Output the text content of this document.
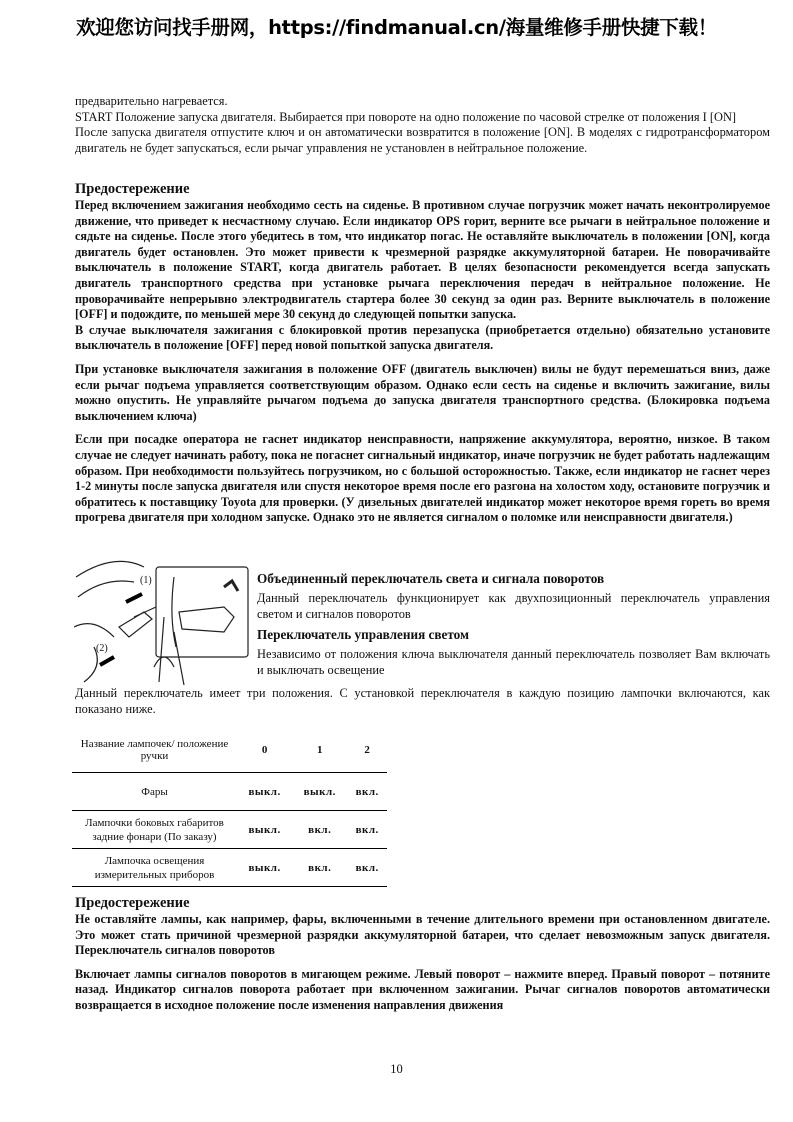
欢迎您访问找手册网，https://findmanual.cn/海量维修手册快捷下载！

предварительно нагревается.

START Положение запуска двигателя. Выбирается при повороте на одно положение по часовой стрелке от положения I [ON]

После запуска двигателя отпустите ключ и он автоматически возвратится в положение [ON]. В моделях с гидротрансформатором двигатель не будет запускаться, если рычаг управления не установлен в нейтральное положение.

Предостережение

Перед включением зажигания необходимо сесть на сиденье. В противном случае погрузчик может начать неконтролируемое движение, что приведет к несчастному случаю. Если индикатор OPS горит, верните все рычаги в нейтральное положение и сядьте на сиденье. После этого убедитесь в том, что индикатор погас. Не оставляйте выключатель в положении [ON], когда двигатель будет остановлен. Это может привести к чрезмерной разрядке аккумуляторной батареи. Не поворачивайте выключатель в положение START, когда двигатель работает. В целях безопасности рекомендуется всегда запускать двигатель транспортного средства при установке рычага переключения передач в нейтральное положение. Не проворачивайте непрерывно электродвигатель стартера более 30 секунд за один раз. Верните выключатель в положение [OFF] и подождите, по меньшей мере 30 секунд до следующей попытки запуска.

В случае выключателя зажигания с блокировкой против перезапуска (приобретается отдельно) обязательно установите выключатель в положение [OFF] перед новой попыткой запуска двигателя.

При установке выключателя зажигания в положение OFF (двигатель выключен) вилы не будут перемешаться вниз, даже если рычаг подъема управляется соответствующим образом. Однако если сесть на сиденье и включить зажигание, вилы можно опустить. Не управляйте рычагом подъема до запуска двигателя транспортного средства. (Блокировка подъема выключением ключа)

Если при посадке оператора не гаснет индикатор неисправности, напряжение аккумулятора, вероятно, низкое. В таком случае не следует начинать работу, пока не погаснет сигнальный индикатор, иначе погрузчик не будет работать надлежащим образом. При необходимости пользуйтесь погрузчиком, но с большой осторожностью. Также, если индикатор не гаснет через 1-2 минуты после запуска двигателя или спустя некоторое время после его разгона на холостом ходу, остановите погрузчик и обратитесь к поставщику Toyota для проверки. (У дизельных двигателей индикатор может некоторое время гореть во время прогрева двигателя при холодном запуске. Однако это не является сигналом о поломке или неисправности двигателя.)

(1)
(2)
Объединенный переключатель света и сигнала поворотов

Данный переключатель функционирует как двухпозиционный переключатель управления светом и сигналов поворотов

Переключатель управления светом

Независимо от положения ключа выключателя данный переключатель позволяет Вам включать и выключать освещение

Данный переключатель имеет три положения. С установкой переключателя в каждую позицию лампочки включаются, как показано ниже.
Название лампочек/ положение ручки	0	1	2
Фары	выкл.	выкл.	вкл.
Лампочки боковых габаритов задние фонари (По заказу)	выкл.	вкл.	вкл.
Лампочка освещения измерительных приборов	выкл.	вкл.	вкл.
Предостережение

Не оставляйте лампы, как например, фары, включенными в течение длительного времени при остановленном двигателе. Это может стать причиной чрезмерной разрядки аккумуляторной батареи, что сделает невозможным запуск двигателя. Переключатель сигналов поворотов

Включает лампы сигналов поворотов в мигающем режиме. Левый поворот – нажмите вперед. Правый поворот – потяните назад. Индикатор сигналов поворота работает при включенном зажигании. Рычаг сигналов поворотов автоматически возвращается в исходное положение после изменения направления движения

10
